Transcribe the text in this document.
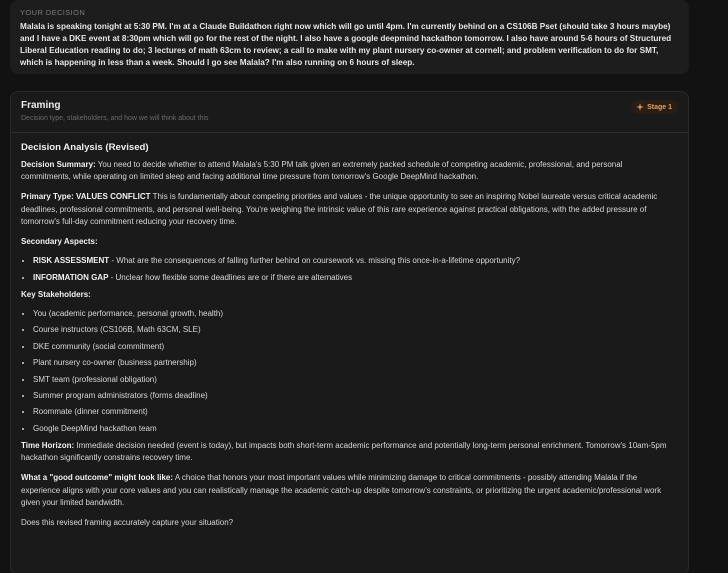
YOUR DECISION

Malala is speaking tonight at 5:30 PM. I'm at a Claude Buildathon right now which will go until 4pm. I'm currently behind on a CS106B Pset (should take 3 hours maybe) and I have a DKE event at 8:30pm which will go for the rest of the night. I also have a google deepmind hackathon tomorrow. I also have around 5-6 hours of Structured Liberal Education reading to do; 3 lectures of math 63cm to review; a call to make with my plant nursery co-owner at cornell; and problem verification to do for SMT, which is happening in less than a week. Should I go see Malala? I'm also running on 6 hours of sleep.

Framing
Decision type, stakeholders, and how we will think about this
Stage 1
Decision Analysis (Revised)

Decision Summary: You need to decide whether to attend Malala's 5:30 PM talk given an extremely packed schedule of competing academic, professional, and personal commitments, while operating on limited sleep and facing additional time pressure from tomorrow's Google DeepMind hackathon.

Primary Type: VALUES CONFLICT This is fundamentally about competing priorities and values - the unique opportunity to see an inspiring Nobel laureate versus critical academic deadlines, professional commitments, and personal well-being. You're weighing the intrinsic value of this rare experience against practical obligations, with the added pressure of tomorrow's full-day commitment reducing your recovery time.

Secondary Aspects:
• RISK ASSESSMENT - What are the consequences of falling further behind on coursework vs. missing this once-in-a-lifetime opportunity?
• INFORMATION GAP - Unclear how flexible some deadlines are or if there are alternatives
Key Stakeholders:
• You (academic performance, personal growth, health)
• Course instructors (CS106B, Math 63CM, SLE)
• DKE community (social commitment)
• Plant nursery co-owner (business partnership)
• SMT team (professional obligation)
• Summer program administrators (forms deadline)
• Roommate (dinner commitment)
• Google DeepMind hackathon team

Time Horizon: Immediate decision needed (event is today), but impacts both short-term academic performance and potentially long-term personal enrichment. Tomorrow's 10am-5pm hackathon significantly constrains recovery time.

What a "good outcome" might look like: A choice that honors your most important values while minimizing damage to critical commitments - possibly attending Malala if the experience aligns with your core values and you can realistically manage the academic catch-up despite tomorrow's constraints, or prioritizing the urgent academic/professional work given your limited bandwidth.

Does this revised framing accurately capture your situation?
